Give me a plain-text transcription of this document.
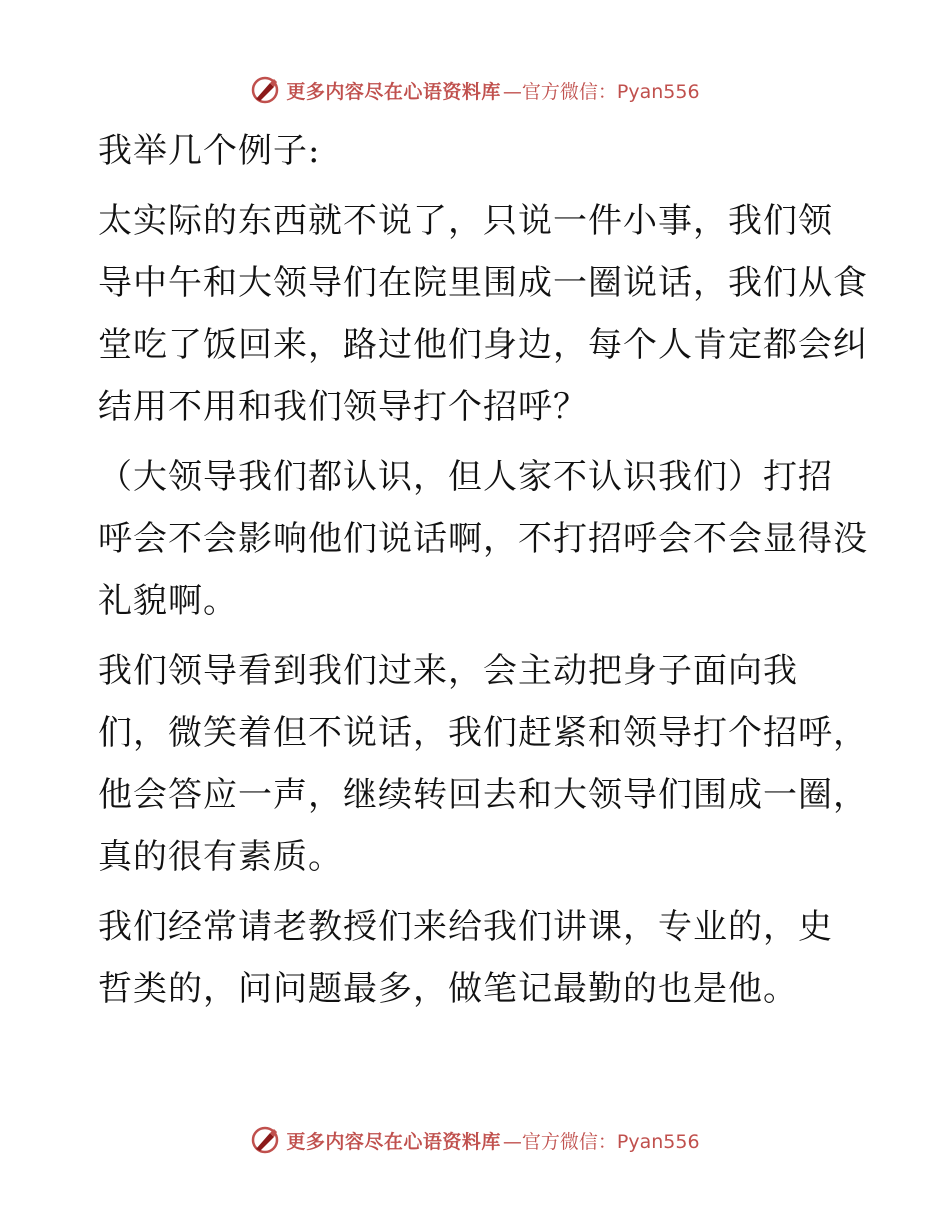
更多内容尽在心语资料库 —官方微信：Pyan556
我举几个例子:
太实际的东西就不说了，只说一件小事，我们领
导中午和大领导们在院里围成一圈说话，我们从食
堂吃了饭回来，路过他们身边，每个人肯定都会纠
结用不用和我们领导打个招呼？
（大领导我们都认识，但人家不认识我们）打招
呼会不会影响他们说话啊，不打招呼会不会显得没
礼貌啊。
我们领导看到我们过来，会主动把身子面向我
们，微笑着但不说话，我们赶紧和领导打个招呼，
他会答应一声，继续转回去和大领导们围成一圈，
真的很有素质。
我们经常请老教授们来给我们讲课，专业的，史
哲类的，问问题最多，做笔记最勤的也是他。
更多内容尽在心语资料库 —官方微信：Pyan556
